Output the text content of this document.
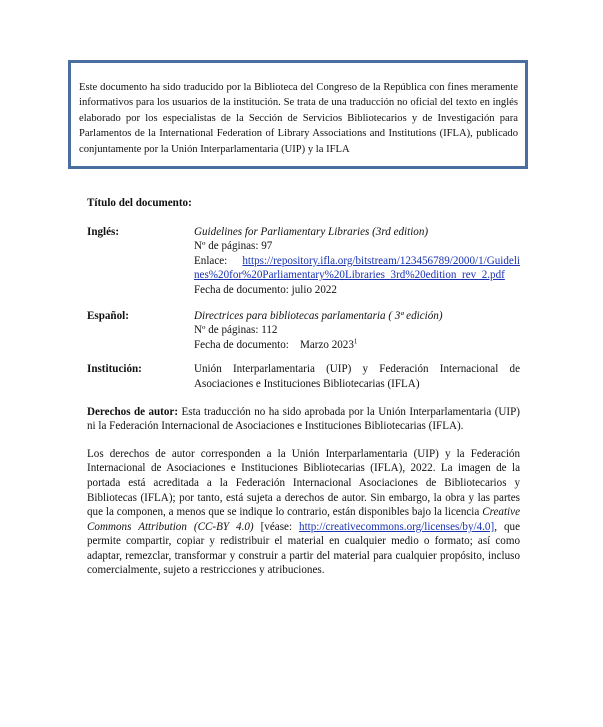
Este documento ha sido traducido por la Biblioteca del Congreso de la República con fines meramente informativos para los usuarios de la institución. Se trata de una traducción no oficial del texto en inglés elaborado por los especialistas de la Sección de Servicios Bibliotecarios y de Investigación para Parlamentos de la International Federation of Library Associations and Institutions (IFLA), publicado conjuntamente por la Unión Interparlamentaria (UIP) y la IFLA

Título del documento:

Inglés:	Guidelines for Parliamentary Libraries (3rd edition)
Nº de páginas: 97
Enlace: https://repository.ifla.org/bitstream/123456789/2000/1/Guidelines%20for%20Parliamentary%20Libraries_3rd%20edition_rev_2.pdf
Fecha de documento: julio 2022
Español:	Directrices para bibliotecas parlamentaria ( 3ª edición)
Nº de páginas: 112
Fecha de documento: Marzo 2023$^1$
Institución:	Unión Interparlamentaria (UIP) y Federación Internacional de Asociaciones e Instituciones Bibliotecarias (IFLA)

Derechos de autor: Esta traducción no ha sido aprobada por la Unión Interparlamentaria (UIP) ni la Federación Internacional de Asociaciones e Instituciones Bibliotecarias (IFLA).

Los derechos de autor corresponden a la Unión Interparlamentaria (UIP) y la Federación Internacional de Asociaciones e Instituciones Bibliotecarias (IFLA), 2022. La imagen de la portada está acreditada a la Federación Internacional Asociaciones de Bibliotecarios y Bibliotecas (IFLA); por tanto, está sujeta a derechos de autor. Sin embargo, la obra y las partes que la componen, a menos que se indique lo contrario, están disponibles bajo la licencia Creative Commons Attribution (CC-BY 4.0) [véase: http://creativecommons.org/licenses/by/4.0], que permite compartir, copiar y redistribuir el material en cualquier medio o formato; así como adaptar, remezclar, transformar y construir a partir del material para cualquier propósito, incluso comercialmente, sujeto a restricciones y atribuciones.
